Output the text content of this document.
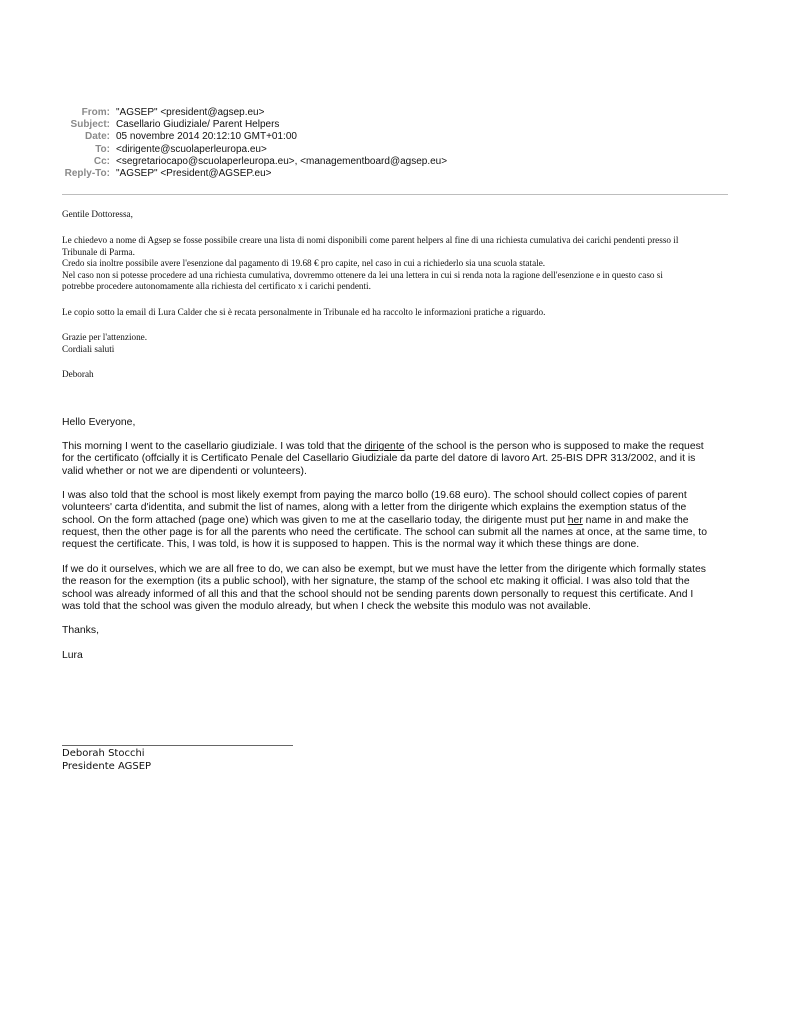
From: "AGSEP" <president@agsep.eu>
Subject: Casellario Giudiziale/ Parent Helpers
Date: 05 novembre 2014 20:12:10 GMT+01:00
To: <dirigente@scuolaperleuropa.eu>
Cc: <segretariocapo@scuolaperleuropa.eu>, <managementboard@agsep.eu>
Reply-To: "AGSEP" <President@AGSEP.eu>

Gentile Dottoressa,

Le chiedevo a nome di Agsep se fosse possibile creare una lista di nomi disponibili come parent helpers al fine di una richiesta cumulativa dei carichi pendenti presso il

Tribunale di Parma.

Credo sia inoltre possibile avere l'esenzione dal pagamento di 19.68 € pro capite, nel caso in cui a richiederlo sia una scuola statale.

Nel caso non si potesse procedere ad una richiesta cumulativa, dovremmo ottenere da lei una lettera in cui si renda nota la ragione dell'esenzione e in questo caso si

potrebbe procedere autonomamente alla richiesta del certificato x i carichi pendenti.

Le copio sotto la email di Lura Calder che si è recata personalmente in Tribunale ed ha raccolto le informazioni pratiche a riguardo.

Grazie per l'attenzione.

Cordiali saluti

Deborah

Hello Everyone,

This morning I went to the casellario giudiziale. I was told that the dirigente of the school is the person who is supposed to make the request

for the certificato (offcially it is Certificato Penale del Casellario Giudiziale da parte del datore di lavoro Art. 25-BIS DPR 313/2002, and it is

valid whether or not we are dipendenti or volunteers).

I was also told that the school is most likely exempt from paying the marco bollo (19.68 euro). The school should collect copies of parent

volunteers' carta d'identita, and submit the list of names, along with a letter from the dirigente which explains the exemption status of the

school. On the form attached (page one) which was given to me at the casellario today, the dirigente must put her name in and make the

request, then the other page is for all the parents who need the certificate. The school can submit all the names at once, at the same time, to

request the certificate. This, I was told, is how it is supposed to happen. This is the normal way it which these things are done.

If we do it ourselves, which we are all free to do, we can also be exempt, but we must have the letter from the dirigente which formally states

the reason for the exemption (its a public school), with her signature, the stamp of the school etc making it official. I was also told that the

school was already informed of all this and that the school should not be sending parents down personally to request this certificate. And I

was told that the school was given the modulo already, but when I check the website this modulo was not available.

Thanks,

Lura

Deborah Stocchi
Presidente AGSEP
